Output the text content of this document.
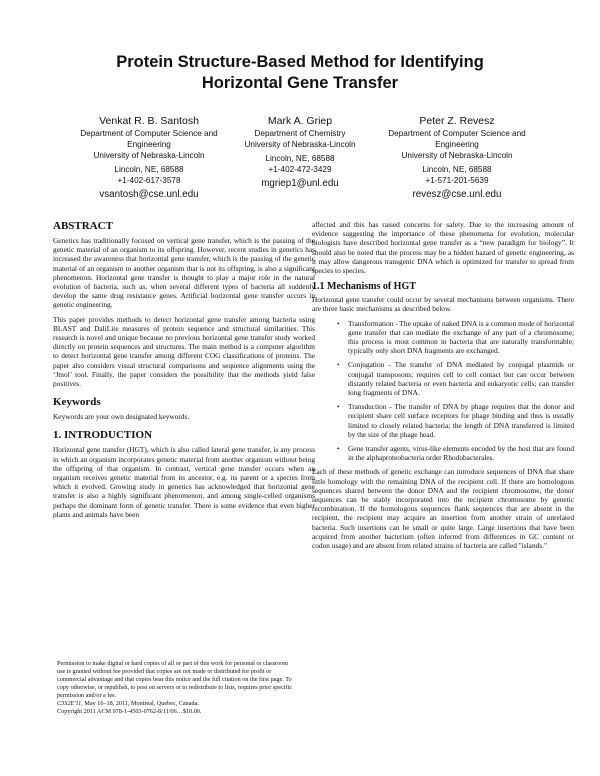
Protein Structure-Based Method for Identifying
Horizontal Gene Transfer
Venkat R. B. Santosh
Department of Computer Science and
Engineering
University of Nebraska-Lincoln
Lincoln, NE, 68588
+1-402-617-3578
vsantosh@cse.unl.edu
Mark A. Griep
Department of Chemistry
University of Nebraska-Lincoln
Lincoln, NE, 68588
+1-402-472-3429
mgriep1@unl.edu
Peter Z. Revesz
Department of Computer Science and
Engineering
University of Nebraska-Lincoln
Lincoln, NE, 68588
+1-571-201-5639
revesz@cse.unl.edu
ABSTRACT

Genetics has traditionally focused on vertical gene transfer, which is the passing of the genetic material of an organism to its offspring. However, recent studies in genetics has increased the awareness that horizontal gene transfer, which is the passing of the genetic material of an organism to another organism that is not its offspring, is also a significant phenomenon. Horizontal gene transfer is thought to play a major role in the natural evolution of bacteria, such as, when several different types of bacteria all suddenly develop the same drug resistance genes. Artificial horizontal gene transfer occurs in genetic engineering.

This paper provides methods to detect horizontal gene transfer among bacteria using BLAST and DaliLite measures of protein sequence and structural similarities. This research is novel and unique because no previous horizontal gene transfer study worked directly on protein sequences and structures. The main method is a computer algorithm to detect horizontal gene transfer among different COG classifications of proteins. The paper also considers visual structural comparisons and sequence alignments using the ‘Jmol’ tool. Finally, the paper considers the possibility that the methods yield false positives.

Keywords

Keywords are your own designated keywords.

1. INTRODUCTION

Horizontal gene transfer (HGT), which is also called lateral gene transfer, is any process in which an organism incorporates genetic material from another organism without being the offspring of that organism. In contrast, vertical gene transfer occurs when an organism receives genetic material from its ancestor, e.g. its parent or a species from which it evolved. Growing study in genetics has acknowledged that horizontal gene transfer is also a highly significant phenomenon, and among single-celled organisms perhaps the dominant form of genetic transfer. There is some evidence that even higher plants and animals have been

Permission to make digital or hard copies of all or part of this work for personal or classroom use is granted without fee provided that copies are not made or distributed for profit or commercial advantage and that copies bear this notice and the full citation on the first page. To copy otherwise, or republish, to post on servers or to redistribute to lists, requires prior specific permission and/or a fee.

C3S2E'11, May 16–18, 2011, Montreal, Quebec, Canada.

Copyright 2011 ACM 978-1-4503-0762-8/11/06…$10.00.

affected and this has raised concerns for safety. Due to the increasing amount of evidence suggesting the importance of these phenomena for evolution, molecular biologists have described horizontal gene transfer as a “new paradigm for biology”. It should also be noted that the process may be a hidden hazard of genetic engineering, as it may allow dangerous transgenic DNA which is optimized for transfer to spread from species to species.

1.1 Mechanisms of HGT

Horizontal gene transfer could occur by several mechanisms between organisms. There are three basic mechanisms as described below.

• Transformation - The uptake of naked DNA is a common mode of horizontal gene transfer that can mediate the exchange of any part of a chromosome; this process is most common in bacteria that are naturally transformable; typically only short DNA fragments are exchanged.
• Conjugation - The transfer of DNA mediated by conjugal plasmids or conjugal transposons; requires cell to cell contact but can occur between distantly related bacteria or even bacteria and eukaryotic cells; can transfer long fragments of DNA.
• Transduction - The transfer of DNA by phage requires that the donor and recipient share cell surface receptors for phage binding and thus is usually limited to closely related bacteria; the length of DNA transferred is limited by the size of the phage head.
• Gene transfer agents, virus-like elements encoded by the host that are found in the alphaproteobacteria order Rhodobacterales.

Each of these methods of genetic exchange can introduce sequences of DNA that share little homology with the remaining DNA of the recipient cell. If there are homologous sequences shared between the donor DNA and the recipient chromosome, the donor sequences can be stably incorporated into the recipient chromosome by genetic recombination. If the homologous sequences flank sequences that are absent in the recipient, the recipient may acquire an insertion from another strain of unrelated bacteria. Such insertions can be small or quite large. Large insertions that have been acquired from another bacterium (often inferred from differences in GC content or codon usage) and are absent from related strains of bacteria are called "islands."
